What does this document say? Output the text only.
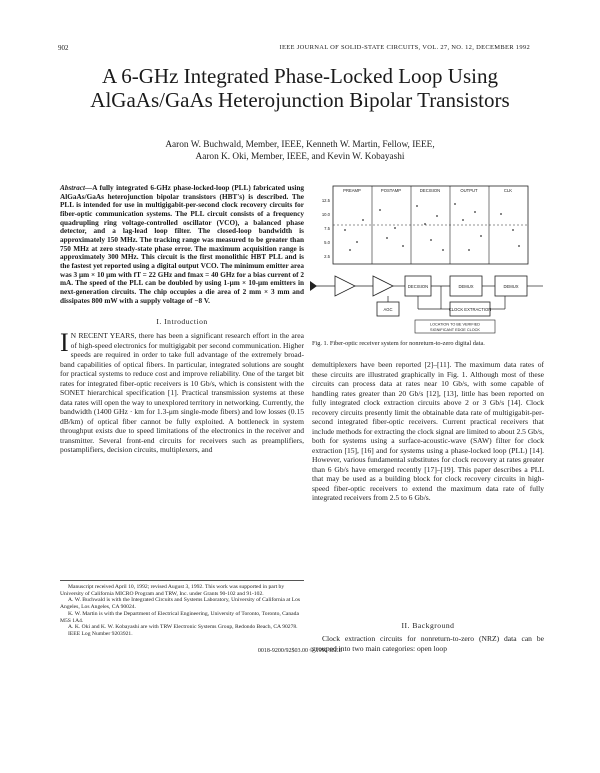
902	IEEE JOURNAL OF SOLID-STATE CIRCUITS, VOL. 27, NO. 12, DECEMBER 1992
A 6-GHz Integrated Phase-Locked Loop Using AlGaAs/GaAs Heterojunction Bipolar Transistors
Aaron W. Buchwald, Member, IEEE, Kenneth W. Martin, Fellow, IEEE,
Aaron K. Oki, Member, IEEE, and Kevin W. Kobayashi
Abstract—A fully integrated 6-GHz phase-locked-loop (PLL) fabricated using AlGaAs/GaAs heterojunction bipolar transistors (HBT's) is described. The PLL is intended for use in multigigabit-per-second clock recovery circuits for fiber-optic communication systems. The PLL circuit consists of a frequency quadrupling ring voltage-controlled oscillator (VCO), a balanced phase detector, and a lag-lead loop filter. The closed-loop bandwidth is approximately 150 MHz. The tracking range was measured to be greater than 750 MHz at zero steady-state phase error. The maximum acquisition range is approximately 300 MHz. This circuit is the first monolithic HBT PLL and is the fastest yet reported using a digital output VCO. The minimum emitter area was 3 μm × 10 μm with fT = 22 GHz and fmax = 40 GHz for a bias current of 2 mA. The speed of the PLL can be doubled by using 1-μm × 10-μm emitters in next-generation circuits. The chip occupies a die area of 2 mm × 3 mm and dissipates 800 mW with a supply voltage of −8 V.
I. Introduction
I N RECENT YEARS, there has been a significant research effort in the area of high-speed electronics for multigigabit per second communication. Higher speeds are required in order to take full advantage of the extremely broad-band capabilities of optical fibers. In particular, integrated solutions are sought for practical systems to reduce cost and improve reliability. One of the target bit rates for integrated fiber-optic receivers is 10 Gb/s, which is consistent with the SONET hierarchical specification [1]. Practical transmission systems at these data rates will open the way to unexplored territory in networking. Currently, the bandwidth (1400 GHz · km for 1.3-μm single-mode fibers) and low losses (0.15 dB/km) of optical fiber cannot be fully exploited. A bottleneck in system throughput exists due to speed limitations of the electronics in the receiver and transmitter. Several front-end circuits for receivers such as preamplifiers, postamplifiers, decision circuits, multiplexers, and

Manuscript received April 10, 1992; revised August 3, 1992. This work was supported in part by University of California MICRO Program and TRW, Inc. under Grants 90-102 and 91-102.

A. W. Buchwald is with the Integrated Circuits and Systems Laboratory, University of California at Los Angeles, Los Angeles, CA 90024.

K. W. Martin is with the Department of Electrical Engineering, University of Toronto, Toronto, Canada M5S 1A4.

A. K. Oki and K. W. Kobayashi are with TRW Electronic Systems Group, Redondo Beach, CA 90278.

IEEE Log Number 9203921.

PREAMP	POSTAMP	DECISION	OUTPUT	CLK
12.5
10.0
7.5
5.0
2.5
DECISION	DEMUX	DEMUX
AGC	CLOCK EXTRACTION
LOCATION TO BE VERIFIED
SIGNIFICANT EDGE CLOCK
Fig. 1. Fiber-optic receiver system for nonreturn-to-zero digital data.
demultiplexers have been reported [2]–[11]. The maximum data rates of these circuits are illustrated graphically in Fig. 1. Although most of these circuits can process data at rates near 10 Gb/s, with some capable of handling rates greater than 20 Gb/s [12], [13], little has been reported on fully integrated clock extraction circuits above 2 or 3 Gb/s [14]. Clock recovery circuits presently limit the obtainable data rate of multigigabit-per-second integrated fiber-optic receivers. Current practical receivers that include methods for extracting the clock signal are limited to about 2.5 Gb/s, both for systems using a surface-acoustic-wave (SAW) filter for clock extraction [15], [16] and for systems using a phase-locked loop (PLL) [14]. However, various fundamental substitutes for clock recovery at rates greater than 6 Gb/s have emerged recently [17]–[19]. This paper describes a PLL that may be used as a building block for clock recovery circuits in high-speed fiber-optic receivers to extend the maximum data rate of fully integrated receivers from 2.5 to 6 Gb/s.
II. Background
Clock extraction circuits for nonreturn-to-zero (NRZ) data can be grouped into two main categories: open loop
0018-9200/92$03.00 © 1992 IEEE
